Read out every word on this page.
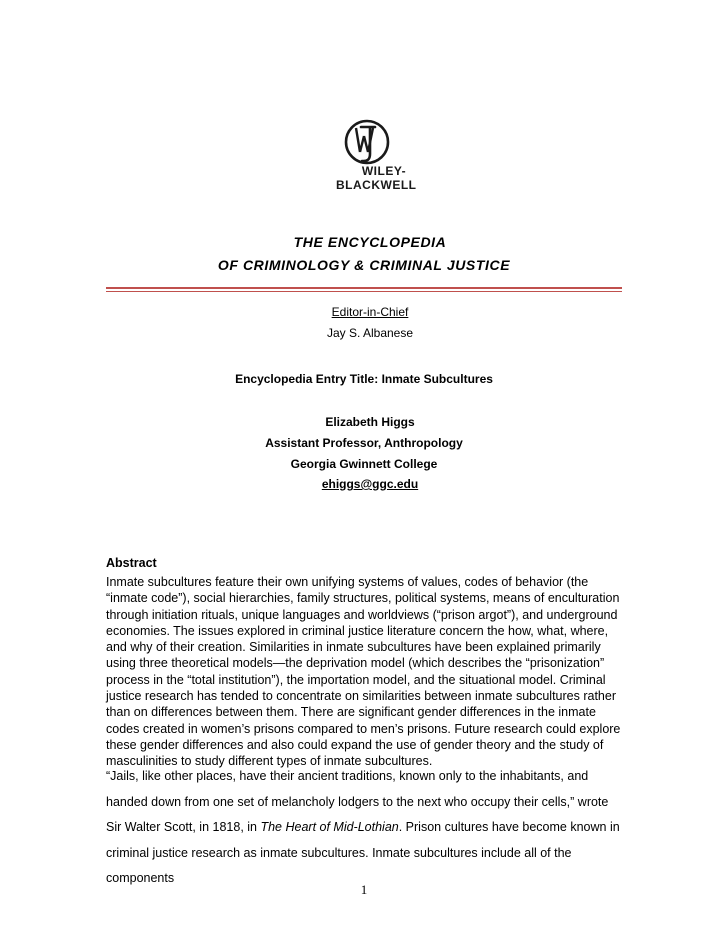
WILEY-
BLACKWELL
THE ENCYCLOPEDIA
OF CRIMINOLOGY & CRIMINAL JUSTICE
Editor-in-Chief
Jay S. Albanese
Encyclopedia Entry Title: Inmate Subcultures
Elizabeth Higgs
Assistant Professor, Anthropology
Georgia Gwinnett College
ehiggs@ggc.edu
Abstract
Inmate subcultures feature their own unifying systems of values, codes of behavior (the “inmate code”), social hierarchies, family structures, political systems, means of enculturation through initiation rituals, unique languages and worldviews (“prison argot”), and underground economies. The issues explored in criminal justice literature concern the how, what, where, and why of their creation. Similarities in inmate subcultures have been explained primarily using three theoretical models—the deprivation model (which describes the “prisonization” process in the “total institution”), the importation model, and the situational model. Criminal justice research has tended to concentrate on similarities between inmate subcultures rather than on differences between them. There are significant gender differences in the inmate codes created in women’s prisons compared to men’s prisons. Future research could explore these gender differences and also could expand the use of gender theory and the study of masculinities to study different types of inmate subcultures.
“Jails, like other places, have their ancient traditions, known only to the inhabitants, and handed down from one set of melancholy lodgers to the next who occupy their cells,” wrote Sir Walter Scott, in 1818, in The Heart of Mid-Lothian. Prison cultures have become known in criminal justice research as inmate subcultures. Inmate subcultures include all of the components
1
